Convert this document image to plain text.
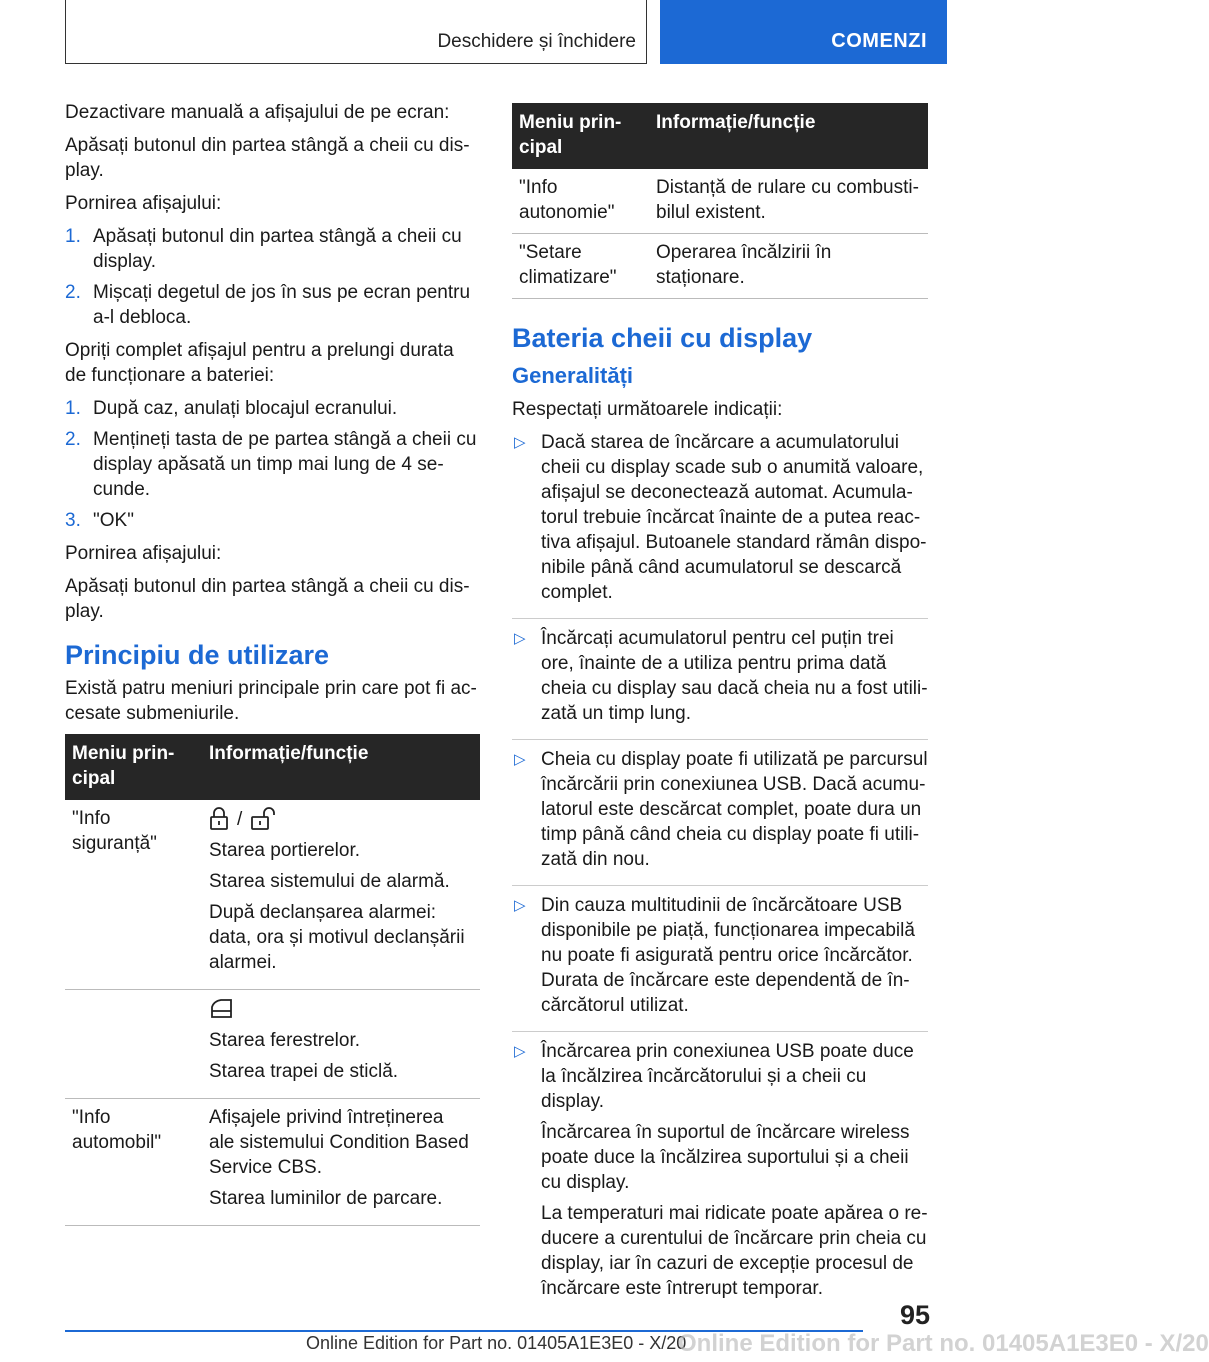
Deschidere și închidere	COMENZI

Dezactivare manuală a afișajului de pe ecran:

Apăsați butonul din partea stângă a cheii cu dis‐play.

Pornirea afișajului:

1. Apăsați butonul din partea stângă a cheii cu display.
2. Mișcați degetul de jos în sus pe ecran pentru a-l debloca.

Opriți complet afișajul pentru a prelungi durata de funcționare a bateriei:

1. După caz, anulați blocajul ecranului.
2. Mențineți tasta de pe partea stângă a cheii cu display apăsată un timp mai lung de 4 se‐cunde.
3. "OK"

Pornirea afișajului:

Apăsați butonul din partea stângă a cheii cu dis‐play.

Principiu de utilizare

Există patru meniuri principale prin care pot fi ac‐cesate submeniurile.

Meniu prin‐cipal	Informație/funcție
"Info siguranță"	/

Starea portierelor.

Starea sistemului de alarmă.

După declanșarea alarmei: data, ora și motivul declanșării alarmei.

	Starea ferestrelor.

Starea trapei de sticlă.

"Info automobil"	Afișajele privind întreținerea ale sistemului Condition Based Service CBS.

Starea luminilor de parcare.

Meniu prin‐cipal	Informație/funcție
"Info autonomie"	Distanță de rulare cu combusti‐bilul existent.
"Setare climatizare"	Operarea încălzirii în staționare.
Bateria cheii cu display
Generalități

Respectați următoarele indicații:

▷ Dacă starea de încărcare a acumulatorului cheii cu display scade sub o anumită valoare, afișajul se deconectează automat. Acumula‐torul trebuie încărcat înainte de a putea reac‐tiva afișajul. Butoanele standard rămân dispo‐nibile până când acumulatorul se descarcă complet.

▷ Încărcați acumulatorul pentru cel puțin trei ore, înainte de a utiliza pentru prima dată cheia cu display sau dacă cheia nu a fost utili‐zată un timp lung.

▷ Cheia cu display poate fi utilizată pe parcursul încărcării prin conexiunea USB. Dacă acumu‐latorul este descărcat complet, poate dura un timp până când cheia cu display poate fi utili‐zată din nou.

▷ Din cauza multitudinii de încărcătoare USB disponibile pe piață, funcționarea impecabilă nu poate fi asigurată pentru orice încărcător. Durata de încărcare este dependentă de în‐cărcătorul utilizat.

▷ Încărcarea prin conexiunea USB poate duce la încălzirea încărcătorului și a cheii cu display.

Încărcarea în suportul de încărcare wireless poate duce la încălzirea suportului și a cheii cu display.

La temperaturi mai ridicate poate apărea o re‐ducere a curentului de încărcare prin cheia cu display, iar în cazuri de excepție procesul de încărcare este întrerupt temporar.

95
Online Edition for Part no. 01405A1E3E0 - X/20
Online Edition for Part no. 01405A1E3E0 - X/20
